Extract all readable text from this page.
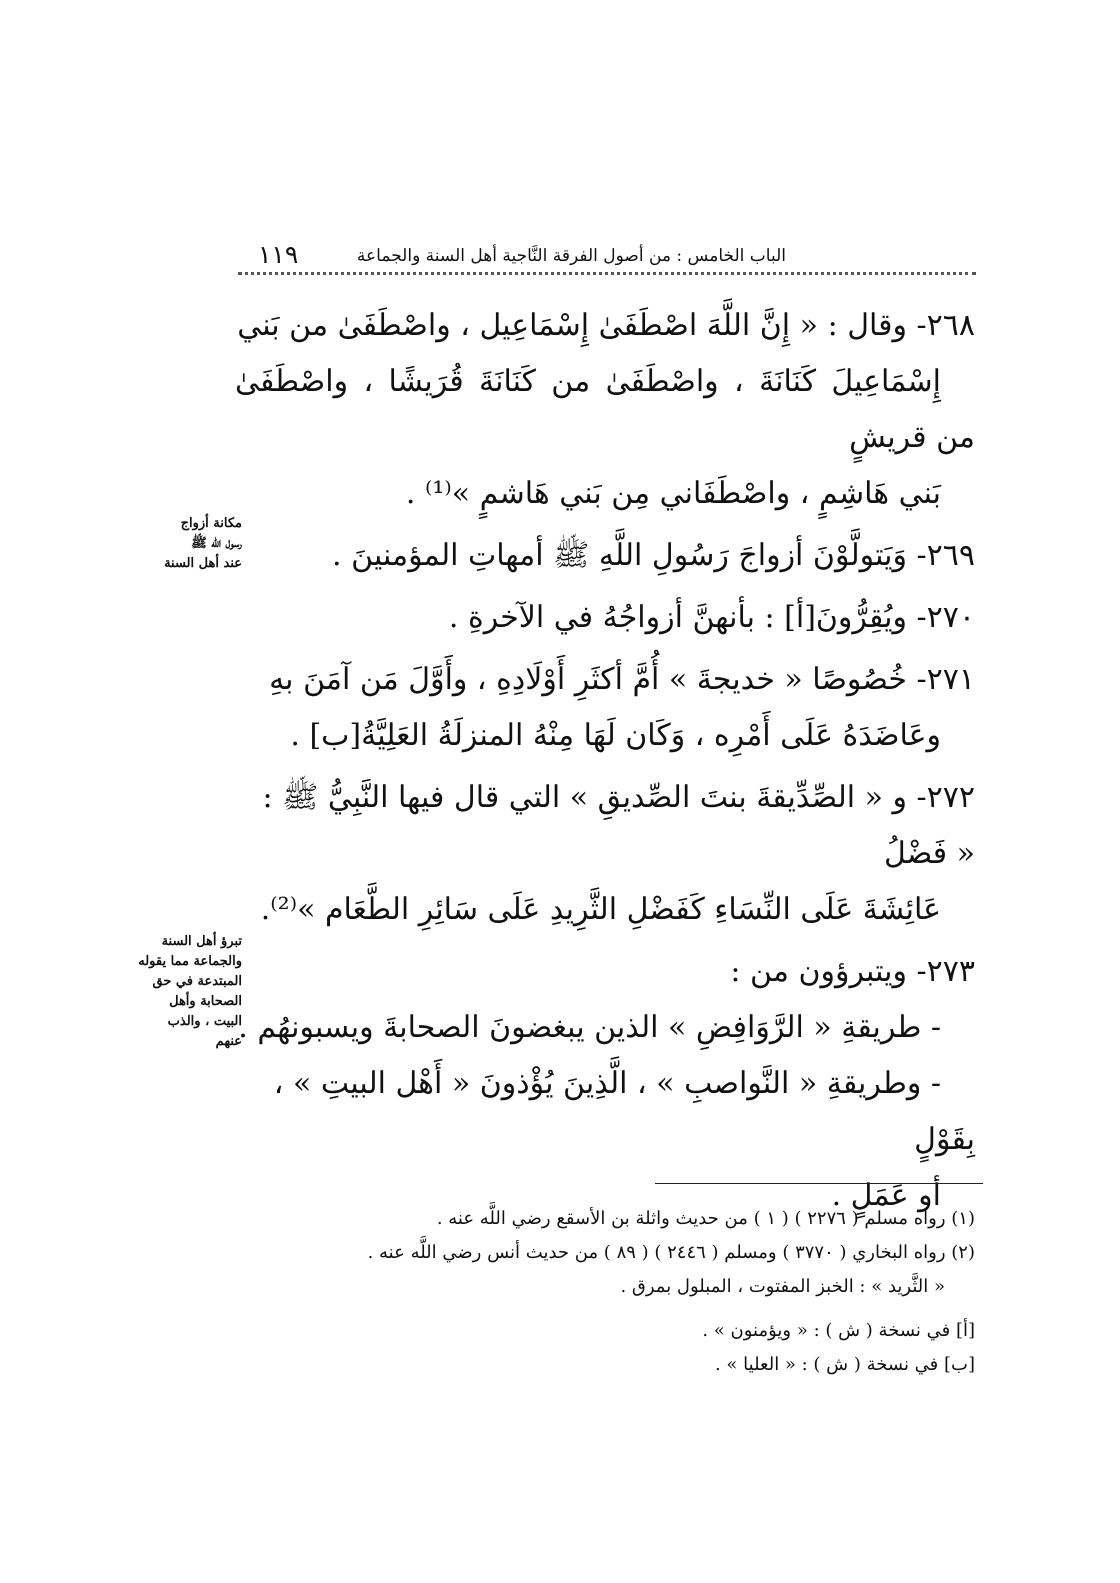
الباب الخامس : من أصول الفرقة النَّاجية أهل السنة والجماعة
١١٩

٢٦٨- وقال : « إِنَّ اللَّهَ اصْطَفَىٰ إِسْمَاعِيل ، واصْطَفَىٰ من بَني
إِسْمَاعِيلَ كَنَانَةَ ، واصْطَفَىٰ من كَنَانَةَ قُرَيشًا ، واصْطَفَىٰ من قريشٍ
بَني هَاشِمٍ ، واصْطَفَاني مِن بَني هَاشمٍ »⁽¹⁾ .

٢٦٩- وَيَتولَّوْنَ أزواجَ رَسُولِ اللَّهِ ﷺ أمهاتِ المؤمنينَ .

٢٧٠- ويُقِرُّونَ[أ] : بأنهنَّ أزواجُهُ في الآخرةِ .

٢٧١- خُصُوصًا « خديجةَ » أُمَّ أكثَرِ أَوْلَادِهِ ، وأَوَّلَ مَن آمَنَ بهِ
وعَاضَدَهُ عَلَى أَمْرِه ، وَكَان لَهَا مِنْهُ المنزلَةُ العَلِيَّةُ[ب] .

٢٧٢- و « الصِّدِّيقةَ بنتَ الصِّديقِ » التي قال فيها النَّبِيُّ ﷺ : « فَضْلُ
عَائِشَةَ عَلَى النِّسَاءِ كَفَضْلِ الثَّرِيدِ عَلَى سَائِرِ الطَّعَام »⁽²⁾.

٢٧٣- ويتبرؤون من :

- طريقةِ « الرَّوَافِضِ » الذين يبغضونَ الصحابةَ ويسبونهُم .

- وطريقةِ « النَّواصبِ » ، الَّذِينَ يُؤْذونَ « أَهْل البيتِ » ، بِقَوْلٍ
أو عَمَلٍ .

مكانة أزواج
رسول الله ﷺ
عند أهل السنة
تبرؤ أهل السنة
والجماعة مما يقوله
المبتدعة في حق
الصحابة وأهل
البيت ، والذب
عنهم

(١) رواه مسلم ( ٢٢٧٦ ) ( ١ ) من حديث واثلة بن الأسقع رضي اللَّه عنه .

(٢) رواه البخاري ( ٣٧٧٠ ) ومسلم ( ٢٤٤٦ ) ( ٨٩ ) من حديث أنس رضي اللَّه عنه .

« الثَّريد » : الخبز المفتوت ، المبلول بمرق .

[أ] في نسخة ( ش ) : « ويؤمنون » .

[ب] في نسخة ( ش ) : « العليا » .
